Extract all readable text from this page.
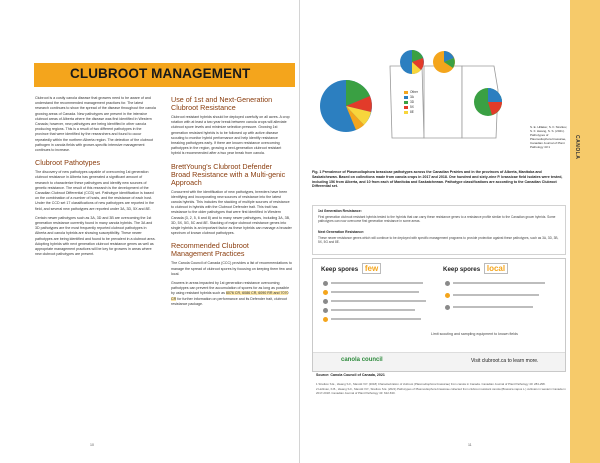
CLUBROOT MANAGEMENT

Clubroot is a costly canola disease that growers need to be aware of and understand the recommended management practices for. The latest research continues to show the spread of the disease throughout the canola growing areas of Canada. New pathotypes are present in the intensive clubroot areas of Alberta where the disease was first identified in Western Canada; however, new pathotypes are being identified in other canola producing regions. This is a result of two different pathotypes in the province that were identified by the researchers and found to occur repeatedly within the northern Alberta region. The detection of the clubroot pathogen in canola fields with grower-specific intensive management continues to increase.

Clubroot Pathotypes

The discovery of new pathotypes capable of overcoming 1st generation clubroot resistance in Alberta has generated a significant amount of research to characterize these pathotypes and identify new sources of genetic resistance. The result of this research is the development of the Canadian Clubroot Differential (CCD) set. Pathotype identification is based on the combination of a number of hosts, and the resistance of each host. Under the CCD set 17 classifications of new pathotypes are reported in the field, and several new pathotypes are reported under 3A, 3D, 5X and 8E.

Certain newer pathotypes such as 3A, 3D and 3B are overcoming the 1st generation resistance currently found in many canola hybrids. The 3A and 3D pathotypes are the most frequently reported clubroot pathotypes in Alberta and canola hybrids are showing susceptibility. These newer pathotypes are being identified and found to be prevalent in a clubroot area. Adopting hybrids with next generation clubroot resistance genes as well as appropriate management practices will be key for growers in areas where new clubroot pathotypes are present.

Use of 1st and Next-Generation Clubroot Resistance

Clubroot resistant hybrids should be deployed carefully on all acres. A crop rotation with at least a two year break between canola crops will alleviate clubroot spore levels and minimize selection pressure. Growing 1st generation resistant hybrids is to be followed up with active disease scouting to monitor hybrid performance and help identify resistance breaking pathotypes early. If there are known resistance overcoming pathotypes in the region, growing a next-generation clubroot resistant hybrid is recommended after a two year break from canola.

BrettYoung's Clubroot Defender Broad Resistance with a Multi-genic Approach

Concurrent with the identification of new pathotypes, breeders have been identifying and incorporating new sources of resistance into the latest canola hybrids. This includes the stacking of multiple sources of resistance to clubroot in hybrids with the Clubroot Defender trait. This trait has resistance to the older pathotypes that were first identified in Western Canada (3, 2, 5, 6 and 8) and to many newer pathotypes, including 3A, 3B, 3D, 5X, 5G, 5C and 8E. Stacking of major clubroot resistance genes into single hybrids is an important factor as these hybrids can manage a broader spectrum of known clubroot pathotypes.

Recommended Clubroot Management Practices

The Canola Council of Canada (CCC) provides a list of recommendations to manage the spread of clubroot spores by focusing on keeping them few and local.

Growers in areas impacted by 1st generation resistance overcoming pathotypes can prevent the accumulation of spores for as long as possible by using resistant hybrids such as 6076 CR, 6086 CR, 6090 RR and 7070 CR for further information on performance and its Defender trait, clubroot resistance package.

10
CANOLA
Other
3A
3D
5X
8E
S. E. Hillaker, S. F. Strelkov, S. F. Hwang, S. S. (2021). Pathotypes of Plasmodiophora brassicae, Canadian Journal of Plant Pathology 43:1
Fig. 1 Prevalence of Plasmodiophora brassicae pathotypes across the Canadian Prairies and in the provinces of Alberta, Manitoba and Saskatchewan. Based on collections made from canola crops in 2017 and 2018. One hundred and sixty-nine P. brassicae field isolates were tested, including 156 from Alberta, and 10 from each of Manitoba and Saskatchewan. Pathotype classifications are according to the Canadian Clubroot Differential set.
1st Generation Resistance:
First generation clubroot resistant hybrids tested to the hybrids that can carry these resistance genes to a resistance profile similar to the Canadian grown hybrids. Some pathotypes can now overcome first generation resistance in some areas.
Next Generation Resistance:
These newer resistance genes which will continue to be deployed with specific management programs to provide protection against these pathotypes, such as 3A, 3D, 3B, 5X, 5G and 8E.
Keep spores few	Keep spores local
Limit scouting and sampling equipment to known fields
canola council	Visit clubroot.ca to learn more.
Source: Canola Council of Canada, 2021

1 Strelkov S.E., Hwang S.F., Manolii V.P. (2018) Characterization of clubroot (Plasmodiophora brassicae) from canola in Canada. Canadian Journal of Plant Pathology 40: 284-298.

2 Hollman, K.B., Hwang S.F., Manolii V.P., Strelkov S.E. (2021) Pathotypes of Plasmodiophora brassicae collected from clubroot resistant canola (Brassica napus L.) cultivars in western Canada in 2017-2018. Canadian Journal of Plant Pathology 43: 622-630.

11
